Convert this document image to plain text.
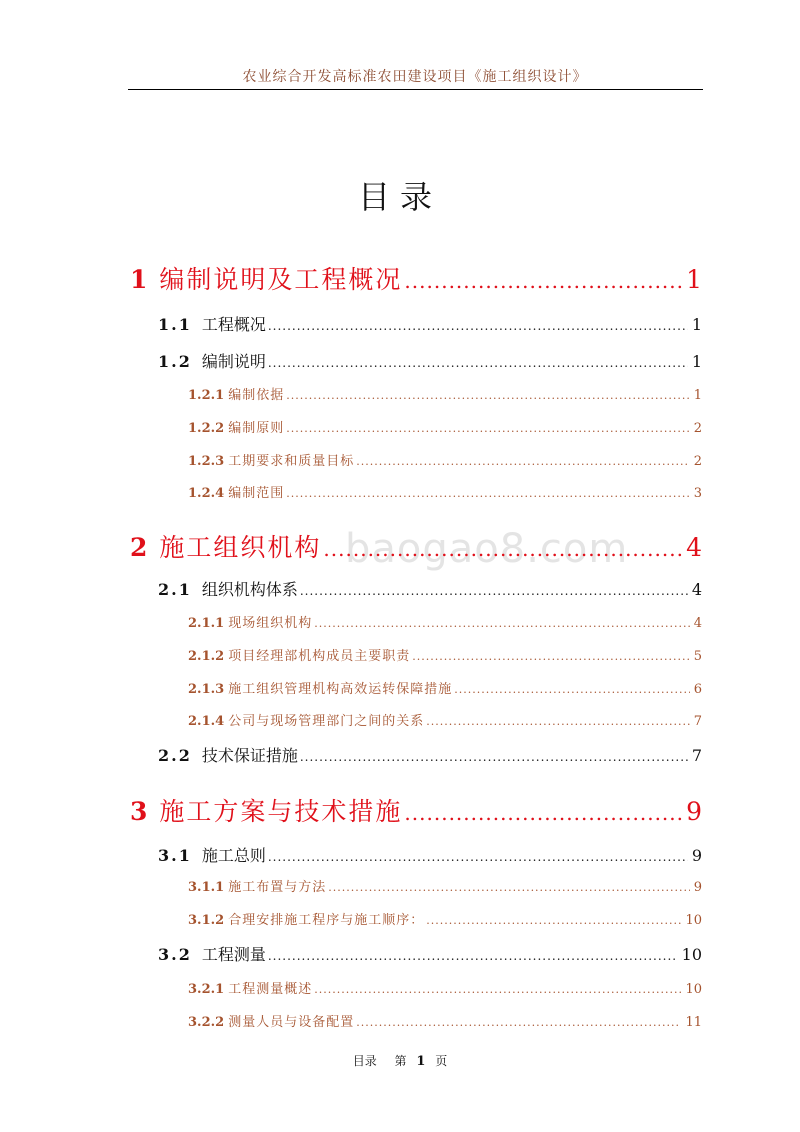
农业综合开发高标准农田建设项目《施工组织设计》
目录
baogao8.com
1 编制说明及工程概况 .....	1
1.1 工程概况 .....	1
1.2 编制说明 .....	1
1.2.1 编制依据 .....	1
1.2.2 编制原则 .....	2
1.2.3 工期要求和质量目标 .....	2
1.2.4 编制范围 .....	3
2 施工组织机构 .....	4
2.1 组织机构体系 .....	4
2.1.1 现场组织机构 .....	4
2.1.2 项目经理部机构成员主要职责 .....	5
2.1.3 施工组织管理机构高效运转保障措施 .....	6
2.1.4 公司与现场管理部门之间的关系 .....	7
2.2 技术保证措施 .....	7
3 施工方案与技术措施 .....	9
3.1 施工总则 .....	9
3.1.1 施工布置与方法 .....	9
3.1.2 合理安排施工程序与施工顺序： .....	10
3.2 工程测量 .....	10
3.2.1 工程测量概述 .....	10
3.2.2 测量人员与设备配置 .....	11
目录 第 1 页
